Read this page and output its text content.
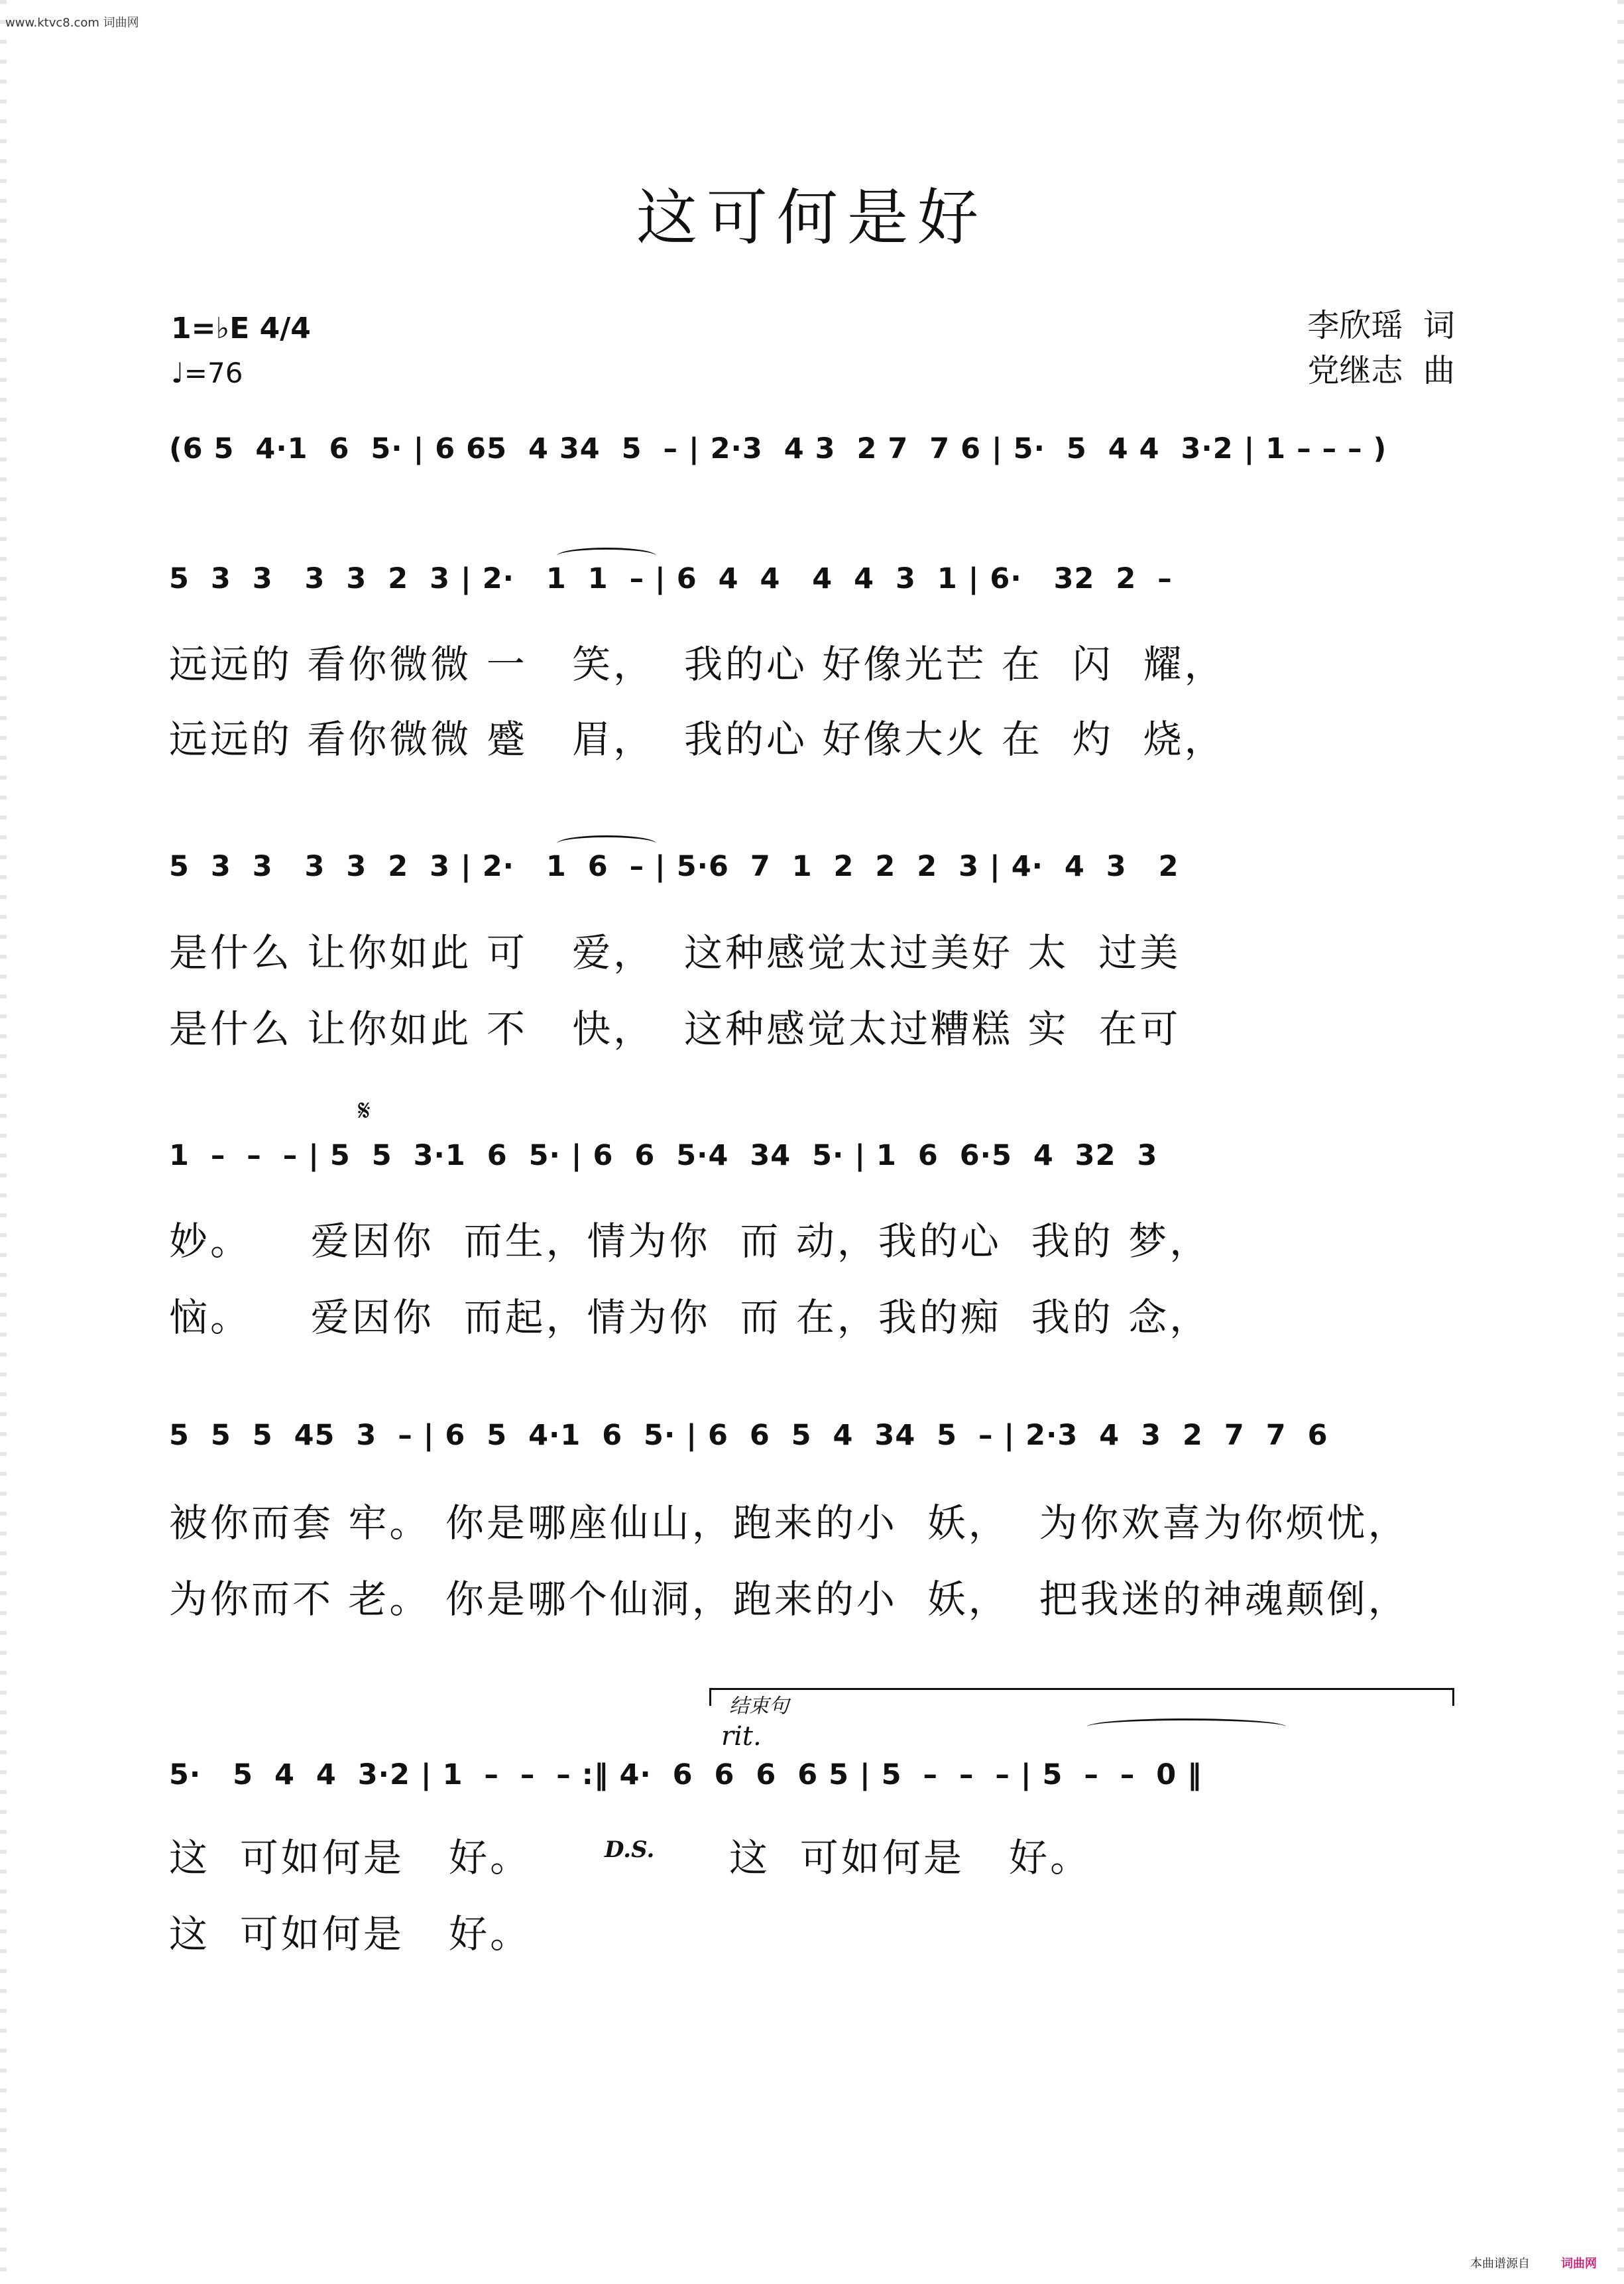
www.ktvc8.com 词曲网
这可何是好
1=♭E 4/4
♩=76
李欣瑶  词
党继志  曲
(6 5  4·1  6  5· | 6 65  4 34  5  – | 2·3  4 3  2 7  7 6 | 5·  5  4 4  3·2 | 1 – – – )
5  3  3   3  3  2  3 | 2·   1  1  – | 6  4  4   4  4  3  1 | 6·   32  2  –
远远的 看你微微 一   笑，  我的心 好像光芒 在  闪  耀，
远远的 看你微微 蹙   眉，  我的心 好像大火 在  灼  烧，
5  3  3   3  3  2  3 | 2·   1  6  – | 5·6  7  1  2  2  2  3 | 4·  4  3   2
是什么 让你如此 可   爱，  这种感觉太过美好 太  过美
是什么 让你如此 不   快，  这种感觉太过糟糕 实  在可
𝄋
1  –  –  – | 5  5  3·1  6  5· | 6  6  5·4  34  5· | 1  6  6·5  4  32  3
妙。    爱因你  而生，情为你  而 动，我的心  我的 梦，
恼。    爱因你  而起，情为你  而 在，我的痴  我的 念，
5  5  5  45  3  – | 6  5  4·1  6  5· | 6  6  5  4  34  5  – | 2·3  4  3  2  7  7  6
被你而套 牢。 你是哪座仙山，跑来的小  妖，  为你欢喜为你烦忧，
为你而不 老。 你是哪个仙洞，跑来的小  妖，  把我迷的神魂颠倒，
结束句
rit.
5·   5  4  4  3·2 | 1  –  –  – :‖ 4·  6  6  6  6 5 | 5  –  –  – | 5  –  –  0 ‖
这  可如何是   好。	D.S. 这  可如何是   好。
这  可如何是   好。
本曲谱源自	词曲网
